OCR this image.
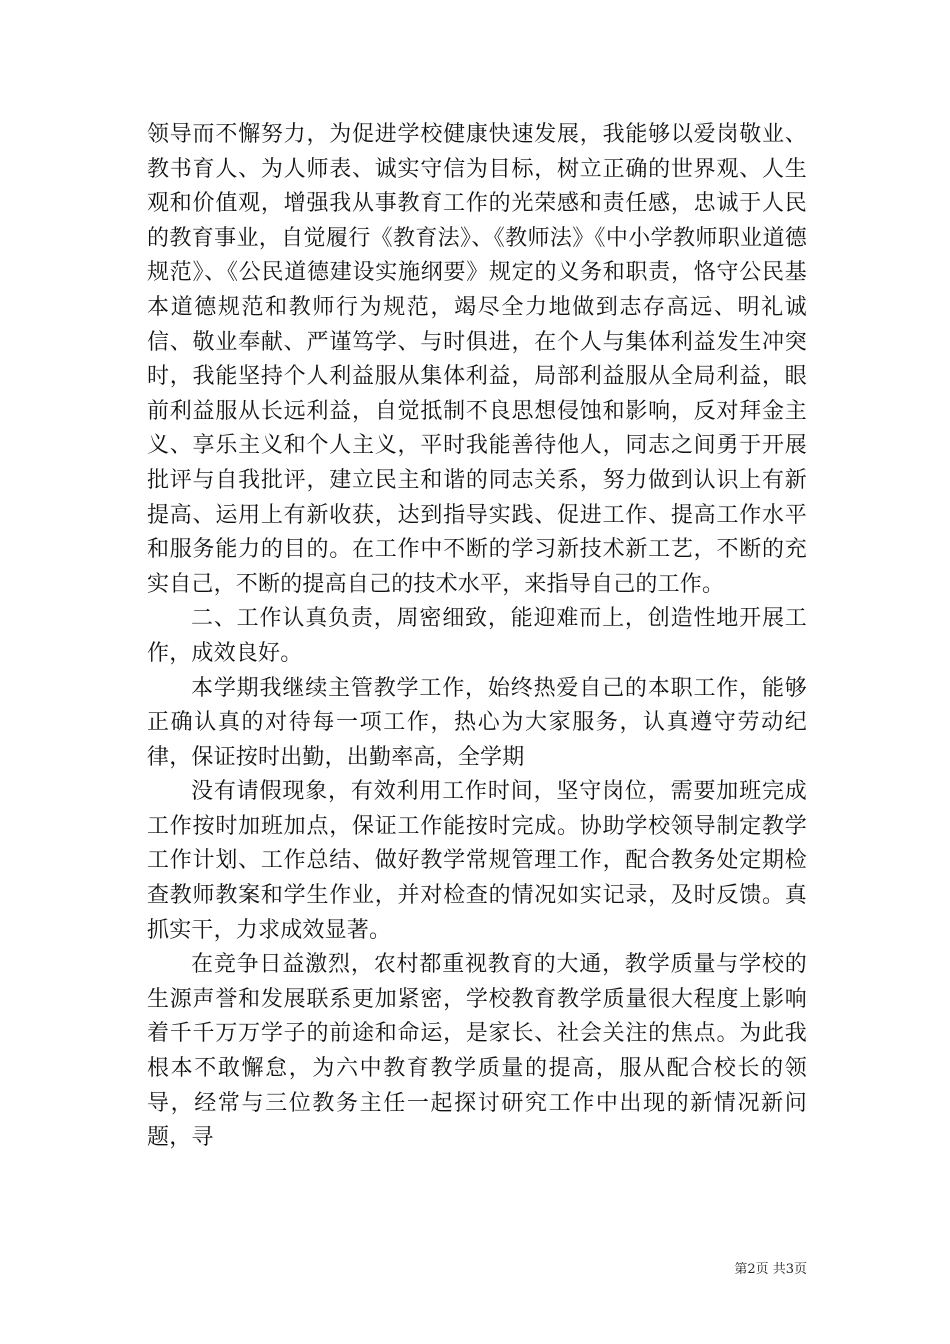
领导而不懈努力，为促进学校健康快速发展，我能够以爱岗敬业、教书育人、为人师表、诚实守信为目标，树立正确的世界观、人生观和价值观，增强我从事教育工作的光荣感和责任感，忠诚于人民的教育事业，自觉履行《教育法》、《教师法》《中小学教师职业道德规范》、《公民道德建设实施纲要》规定的义务和职责，恪守公民基本道德规范和教师行为规范，竭尽全力地做到志存高远、明礼诚信、敬业奉献、严谨笃学、与时俱进，在个人与集体利益发生冲突时，我能坚持个人利益服从集体利益，局部利益服从全局利益，眼前利益服从长远利益，自觉抵制不良思想侵蚀和影响，反对拜金主义、享乐主义和个人主义，平时我能善待他人，同志之间勇于开展批评与自我批评，建立民主和谐的同志关系，努力做到认识上有新提高、运用上有新收获，达到指导实践、促进工作、提高工作水平和服务能力的目的。在工作中不断的学习新技术新工艺，不断的充实自己，不断的提高自己的技术水平，来指导自己的工作。

二、工作认真负责，周密细致，能迎难而上，创造性地开展工作，成效良好。

本学期我继续主管教学工作，始终热爱自己的本职工作，能够正确认真的对待每一项工作，热心为大家服务，认真遵守劳动纪律，保证按时出勤，出勤率高，全学期

没有请假现象，有效利用工作时间，坚守岗位，需要加班完成工作按时加班加点，保证工作能按时完成。协助学校领导制定教学工作计划、工作总结、做好教学常规管理工作，配合教务处定期检查教师教案和学生作业，并对检查的情况如实记录，及时反馈。真抓实干，力求成效显著。

在竞争日益激烈，农村都重视教育的大通，教学质量与学校的生源声誉和发展联系更加紧密，学校教育教学质量很大程度上影响着千千万万学子的前途和命运，是家长、社会关注的焦点。为此我根本不敢懈怠，为六中教育教学质量的提高，服从配合校长的领导，经常与三位教务主任一起探讨研究工作中出现的新情况新问题，寻

第2页 共3页
